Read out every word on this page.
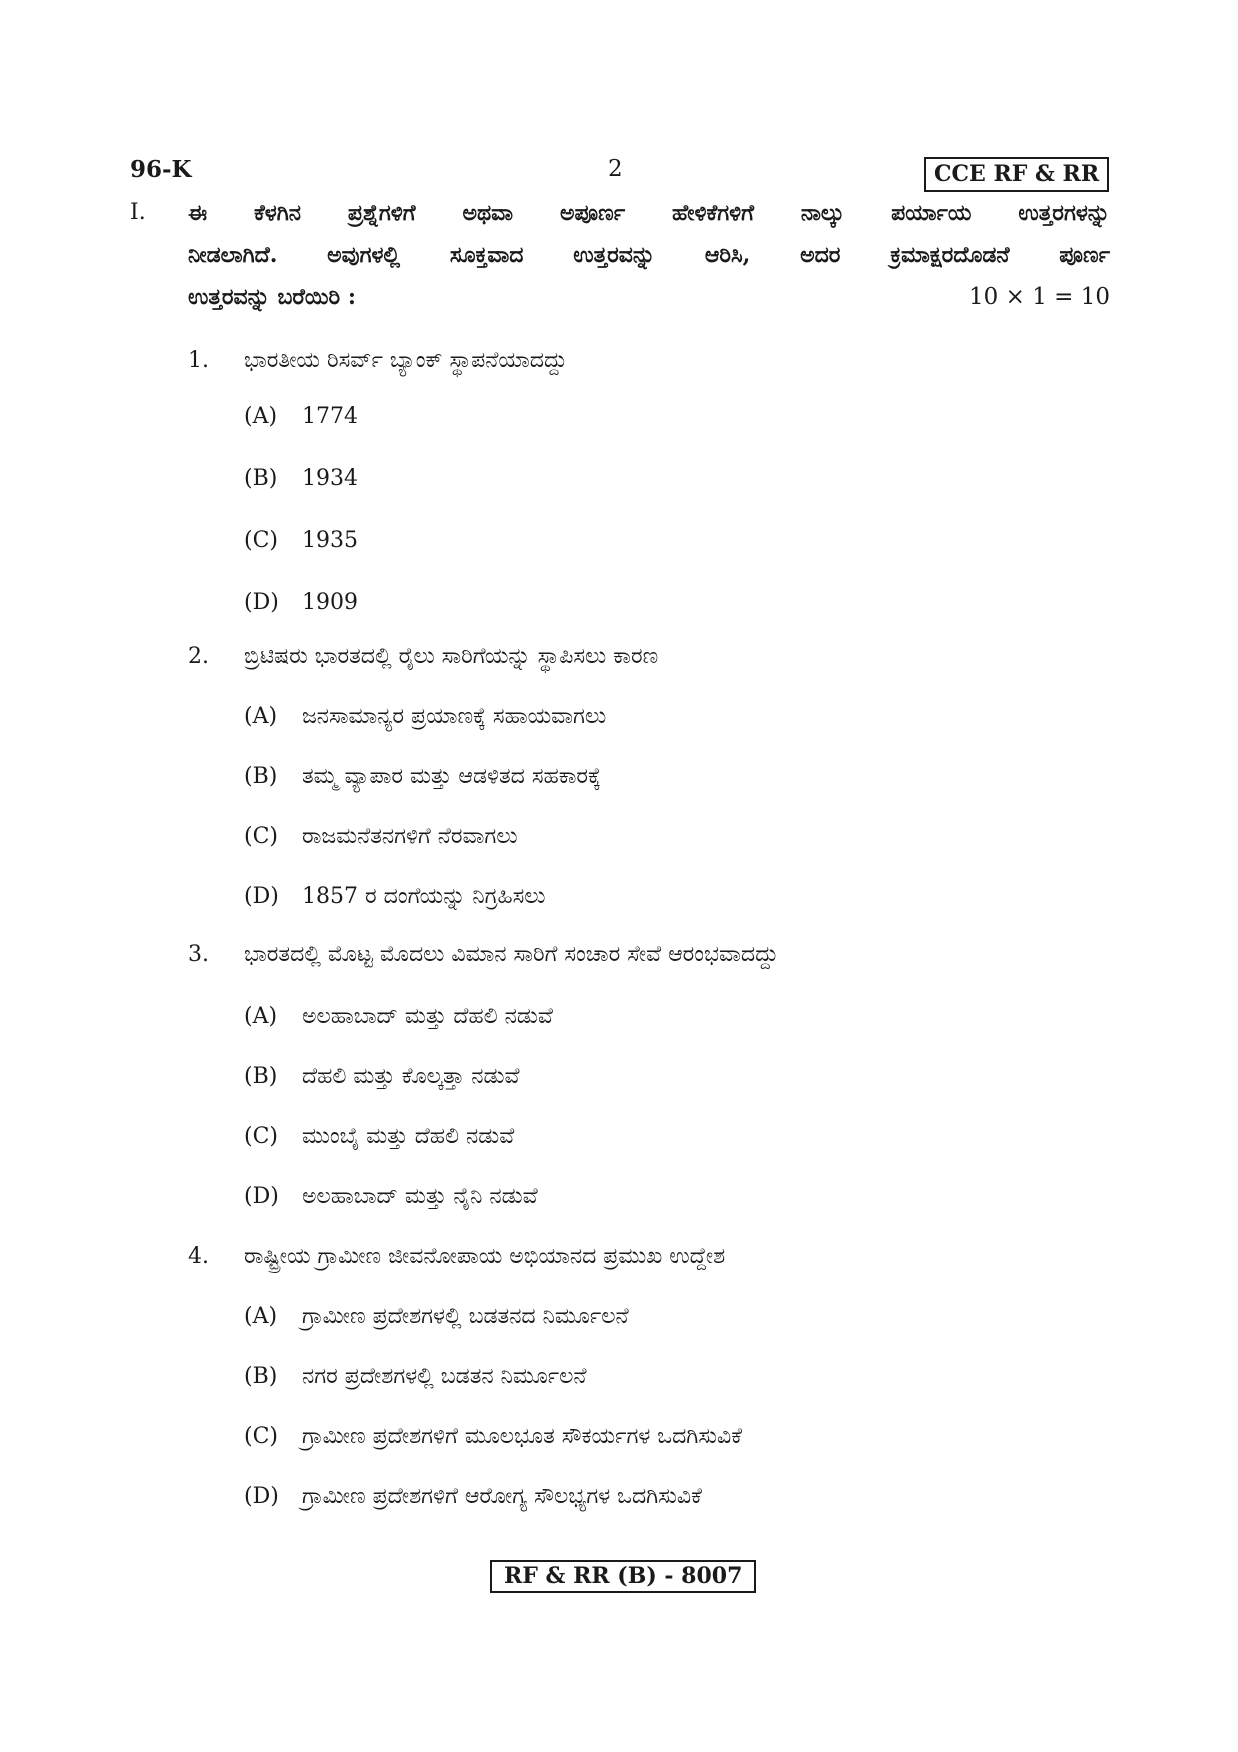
96-K	2	CCE RF & RR
I. ಈ ಕೆಳಗಿನ ಪ್ರಶ್ನೆಗಳಿಗೆ ಅಥವಾ ಅಪೂರ್ಣ ಹೇಳಿಕೆಗಳಿಗೆ ನಾಲ್ಕು ಪರ್ಯಾಯ ಉತ್ತರಗಳನ್ನು
ನೀಡಲಾಗಿದೆ. ಅವುಗಳಲ್ಲಿ ಸೂಕ್ತವಾದ ಉತ್ತರವನ್ನು ಆರಿಸಿ, ಅದರ ಕ್ರಮಾಕ್ಷರದೊಡನೆ ಪೂರ್ಣ
ಉತ್ತರವನ್ನು ಬರೆಯಿರಿ :	10 × 1 = 10
1. ಭಾರತೀಯ ರಿಸರ್ವ್ ಬ್ಯಾಂಕ್ ಸ್ಥಾಪನೆಯಾದದ್ದು
(A) 1774
(B) 1934
(C) 1935
(D) 1909
2. ಬ್ರಿಟಿಷರು ಭಾರತದಲ್ಲಿ ರೈಲು ಸಾರಿಗೆಯನ್ನು ಸ್ಥಾಪಿಸಲು ಕಾರಣ
(A) ಜನಸಾಮಾನ್ಯರ ಪ್ರಯಾಣಕ್ಕೆ ಸಹಾಯವಾಗಲು
(B) ತಮ್ಮ ವ್ಯಾಪಾರ ಮತ್ತು ಆಡಳಿತದ ಸಹಕಾರಕ್ಕೆ
(C) ರಾಜಮನೆತನಗಳಿಗೆ ನೆರವಾಗಲು
(D) 1857 ರ ದಂಗೆಯನ್ನು ನಿಗ್ರಹಿಸಲು
3. ಭಾರತದಲ್ಲಿ ಮೊಟ್ಟ ಮೊದಲು ವಿಮಾನ ಸಾರಿಗೆ ಸಂಚಾರ ಸೇವೆ ಆರಂಭವಾದದ್ದು
(A) ಅಲಹಾಬಾದ್ ಮತ್ತು ದೆಹಲಿ ನಡುವೆ
(B) ದೆಹಲಿ ಮತ್ತು ಕೊಲ್ಕತ್ತಾ ನಡುವೆ
(C) ಮುಂಬೈ ಮತ್ತು ದೆಹಲಿ ನಡುವೆ
(D) ಅಲಹಾಬಾದ್ ಮತ್ತು ನೈನಿ ನಡುವೆ
4. ರಾಷ್ಟ್ರೀಯ ಗ್ರಾಮೀಣ ಜೀವನೋಪಾಯ ಅಭಿಯಾನದ ಪ್ರಮುಖ ಉದ್ದೇಶ
(A) ಗ್ರಾಮೀಣ ಪ್ರದೇಶಗಳಲ್ಲಿ ಬಡತನದ ನಿರ್ಮೂಲನೆ
(B) ನಗರ ಪ್ರದೇಶಗಳಲ್ಲಿ ಬಡತನ ನಿರ್ಮೂಲನೆ
(C) ಗ್ರಾಮೀಣ ಪ್ರದೇಶಗಳಿಗೆ ಮೂಲಭೂತ ಸೌಕರ್ಯಗಳ ಒದಗಿಸುವಿಕೆ
(D) ಗ್ರಾಮೀಣ ಪ್ರದೇಶಗಳಿಗೆ ಆರೋಗ್ಯ ಸೌಲಭ್ಯಗಳ ಒದಗಿಸುವಿಕೆ
RF & RR (B) - 8007
